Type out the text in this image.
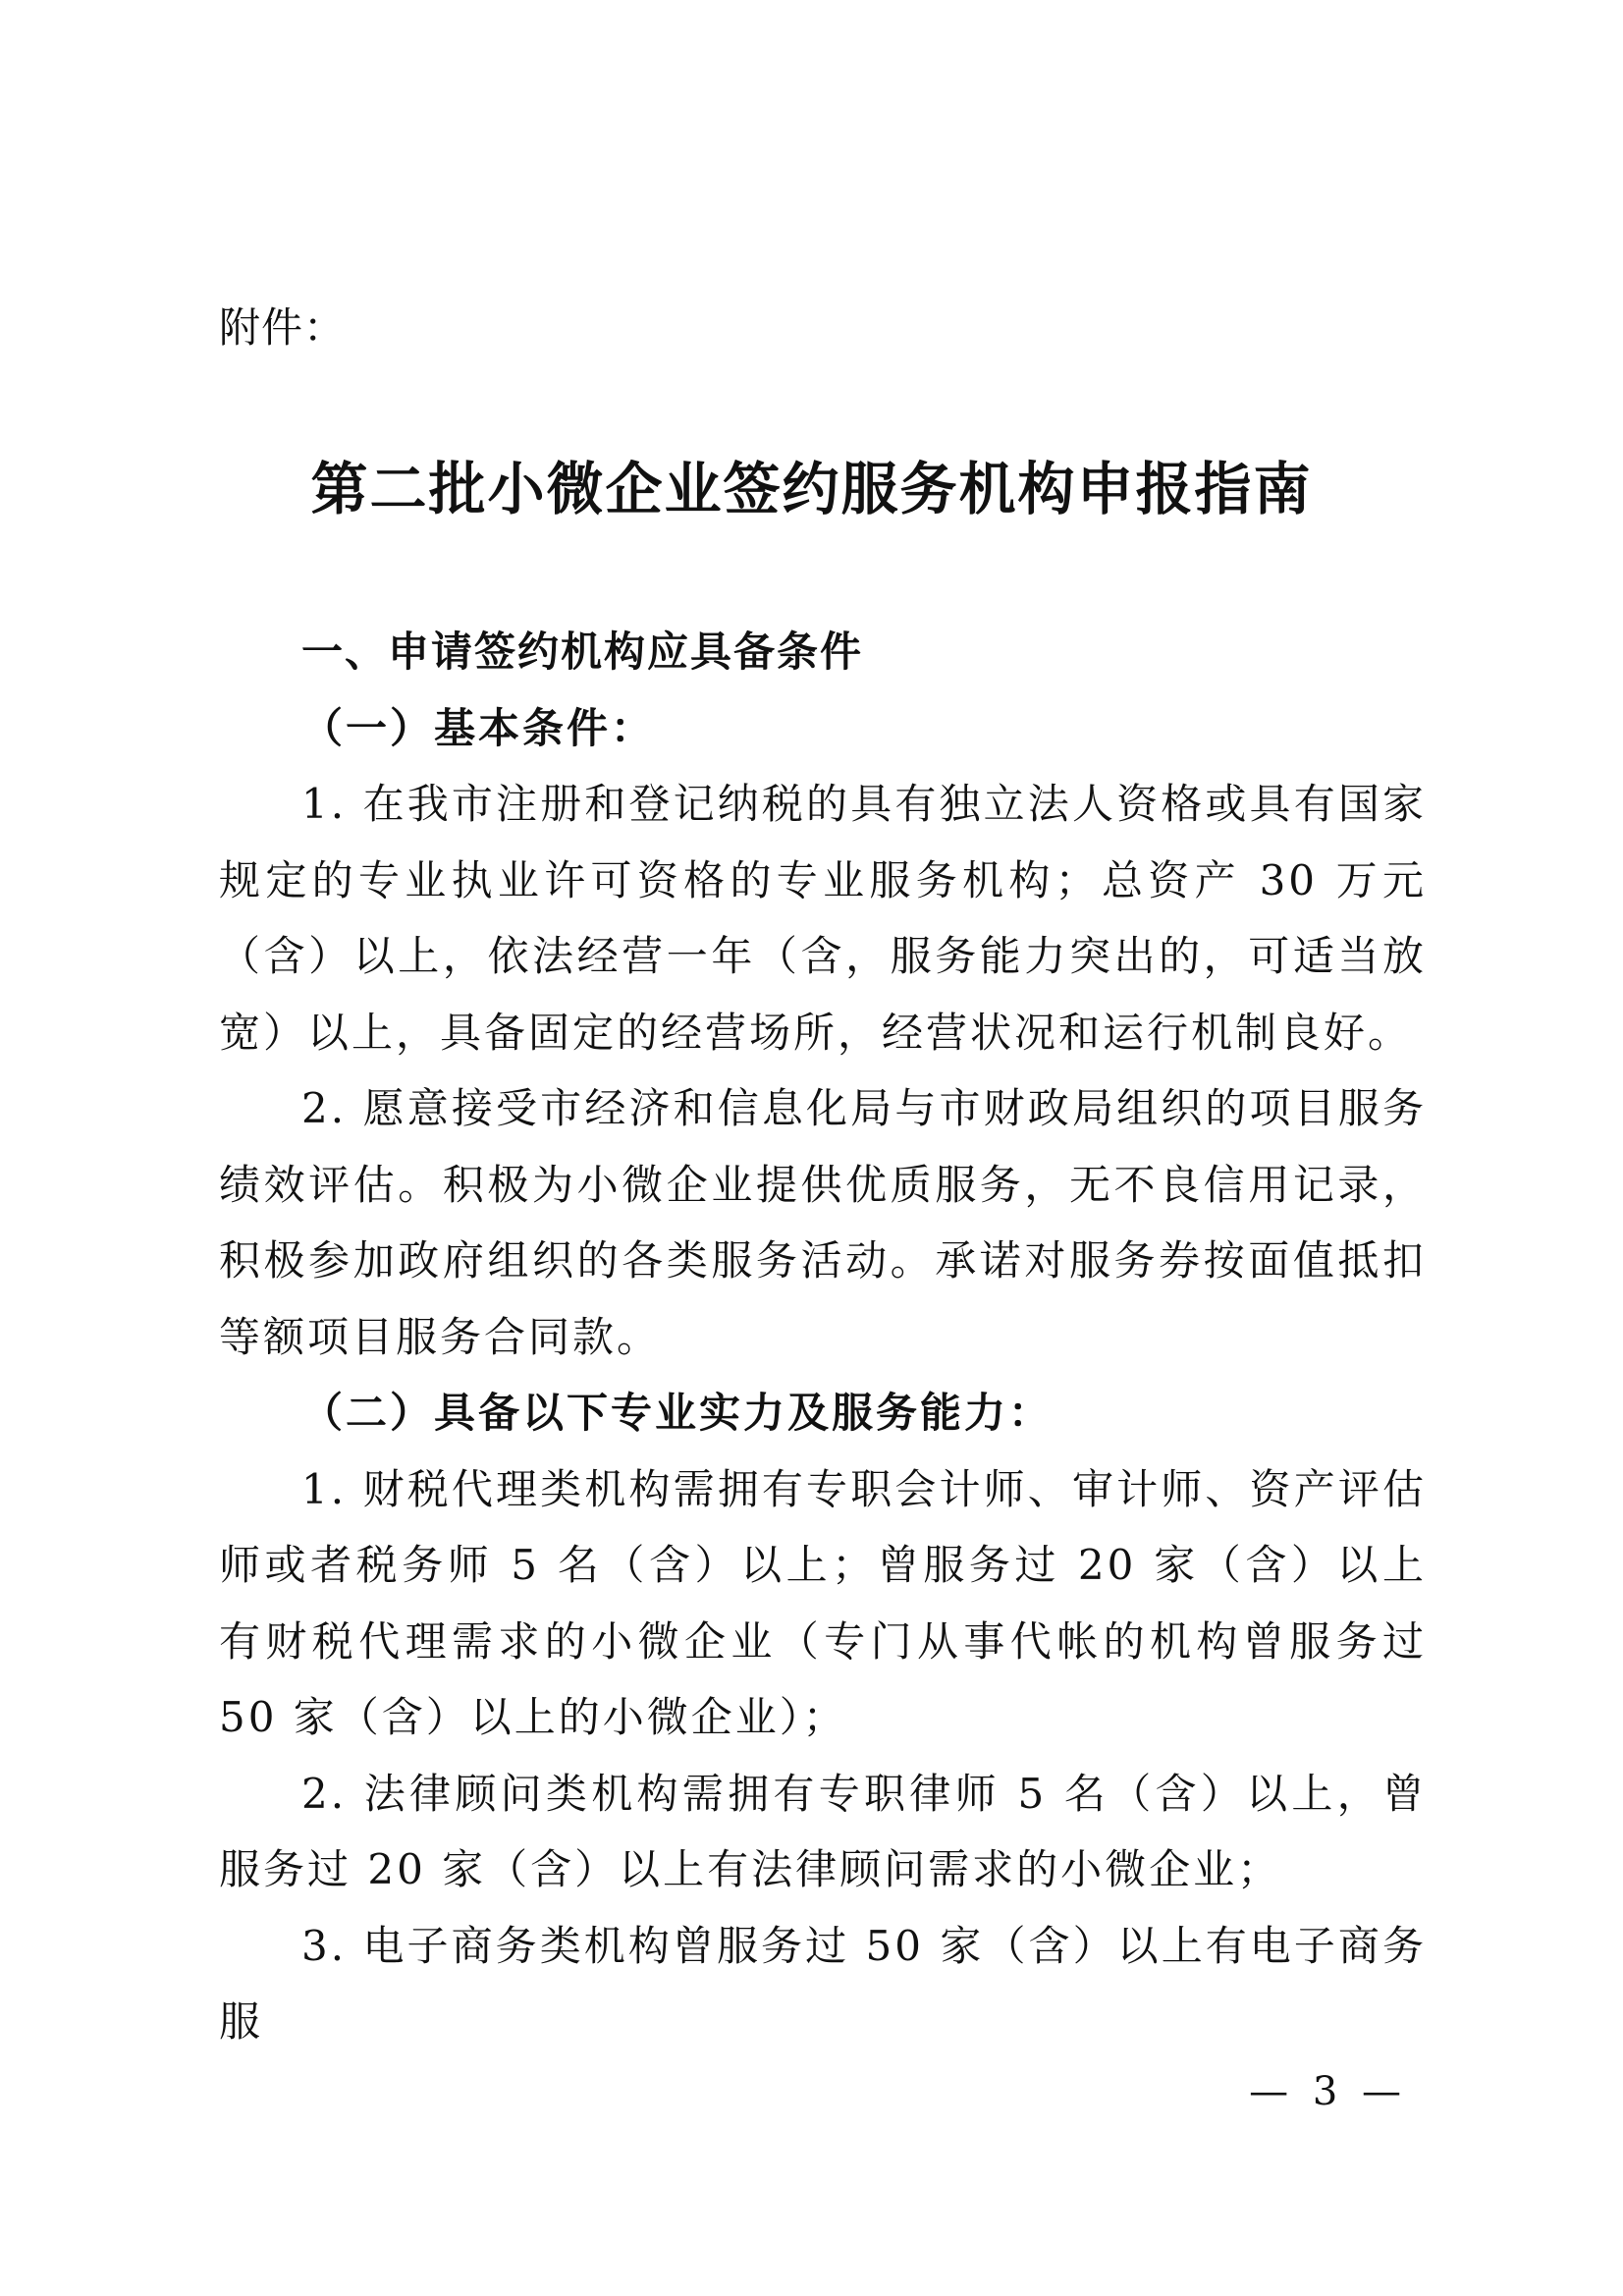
附件：
第二批小微企业签约服务机构申报指南

一、申请签约机构应具备条件

（一）基本条件：

1. 在我市注册和登记纳税的具有独立法人资格或具有国家规定的专业执业许可资格的专业服务机构；总资产 30 万元（含）以上，依法经营一年（含，服务能力突出的，可适当放宽）以上，具备固定的经营场所，经营状况和运行机制良好。

2. 愿意接受市经济和信息化局与市财政局组织的项目服务绩效评估。积极为小微企业提供优质服务，无不良信用记录，积极参加政府组织的各类服务活动。承诺对服务券按面值抵扣等额项目服务合同款。

（二）具备以下专业实力及服务能力：

1. 财税代理类机构需拥有专职会计师、审计师、资产评估师或者税务师 5 名（含）以上；曾服务过 20 家（含）以上有财税代理需求的小微企业（专门从事代帐的机构曾服务过 50 家（含）以上的小微企业）；

2. 法律顾问类机构需拥有专职律师 5 名（含）以上，曾服务过 20 家（含）以上有法律顾问需求的小微企业；

3. 电子商务类机构曾服务过 50 家（含）以上有电子商务服

— 3 —
